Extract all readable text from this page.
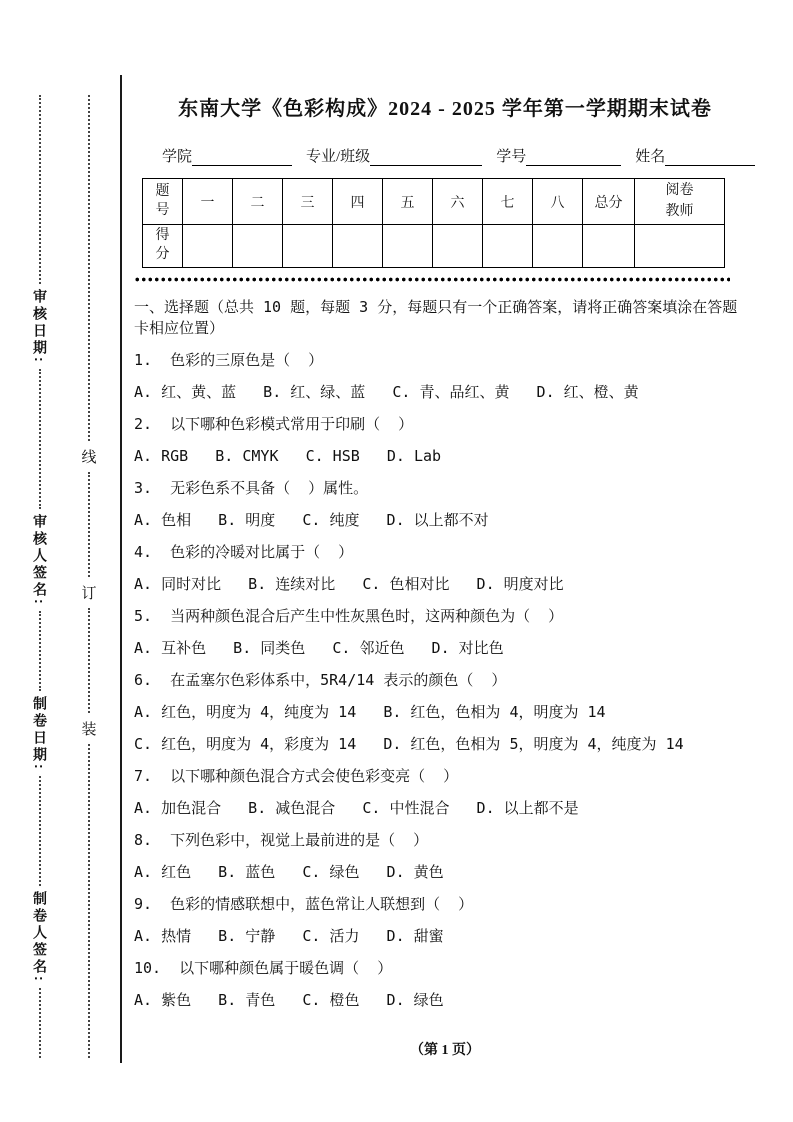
审核日期:
审核人签名:
制卷日期:
制卷人签名:
线
订
装
东南大学《色彩构成》2024 - 2025 学年第一学期期末试卷
学院	专业/班级	学号	姓名
题号	一	二	三	四	五	六	七	八	总分	阅卷教师
得分										

一、选择题（总共 10 题，每题 3 分，每题只有一个正确答案，请将正确答案填涂在答题卡相应位置）

1.  色彩的三原色是（  ）

A. 红、黄、蓝   B. 红、绿、蓝   C. 青、品红、黄   D. 红、橙、黄

2.  以下哪种色彩模式常用于印刷（  ）

A. RGB   B. CMYK   C. HSB   D. Lab

3.  无彩色系不具备（  ）属性。

A. 色相   B. 明度   C. 纯度   D. 以上都不对

4.  色彩的冷暖对比属于（  ）

A. 同时对比   B. 连续对比   C. 色相对比   D. 明度对比

5.  当两种颜色混合后产生中性灰黑色时，这两种颜色为（  ）

A. 互补色   B. 同类色   C. 邻近色   D. 对比色

6.  在孟塞尔色彩体系中，5R4/14 表示的颜色（  ）

A. 红色，明度为 4，纯度为 14   B. 红色，色相为 4，明度为 14

C. 红色，明度为 4，彩度为 14   D. 红色，色相为 5，明度为 4，纯度为 14

7.  以下哪种颜色混合方式会使色彩变亮（  ）

A. 加色混合   B. 减色混合   C. 中性混合   D. 以上都不是

8.  下列色彩中，视觉上最前进的是（  ）

A. 红色   B. 蓝色   C. 绿色   D. 黄色

9.  色彩的情感联想中，蓝色常让人联想到（  ）

A. 热情   B. 宁静   C. 活力   D. 甜蜜

10.  以下哪种颜色属于暖色调（  ）

A. 紫色   B. 青色   C. 橙色   D. 绿色

（第 1 页）
